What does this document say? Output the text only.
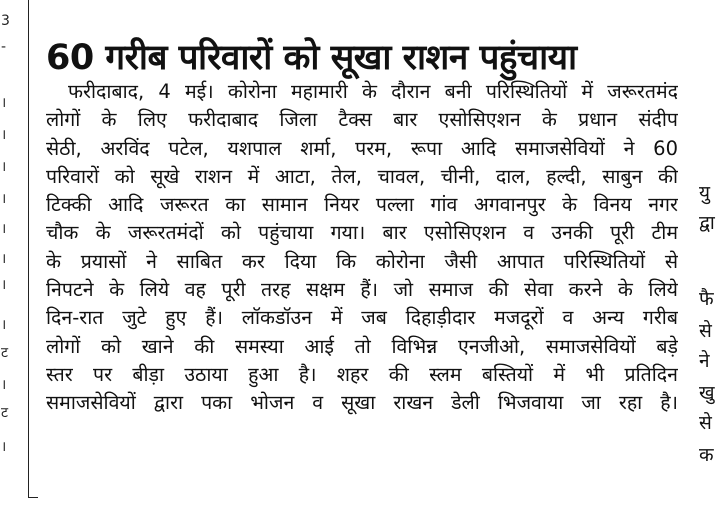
3
-
।
।
।
।
।
।
।
।
ट
।
ट
।
60 गरीब परिवारों को सूखा राशन पहुंचाया
फरीदाबाद, 4 मई। कोरोना महामारी के दौरान बनी परिस्थितियों में जरूरतमंद
लोगों के लिए फरीदाबाद जिला टैक्स बार एसोसिएशन के प्रधान संदीप
सेठी, अरविंद पटेल, यशपाल शर्मा, परम, रूपा आदि समाजसेवियों ने 60
परिवारों को सूखे राशन में आटा, तेल, चावल, चीनी, दाल, हल्दी, साबुन की
टिक्की आदि जरूरत का सामान नियर पल्ला गांव अगवानपुर के विनय नगर
चौक के जरूरतमंदों को पहुंचाया गया। बार एसोसिएशन व उनकी पूरी टीम
के प्रयासों ने साबित कर दिया कि कोरोना जैसी आपात परिस्थितियों से
निपटने के लिये वह पूरी तरह सक्षम हैं। जो समाज की सेवा करने के लिये
दिन-रात जुटे हुए हैं। लॉकडॉउन में जब दिहाड़ीदार मजदूरों व अन्य गरीब
लोगों को खाने की समस्या आई तो विभिन्न एनजीओ, समाजसेवियों बड़े
स्तर पर बीड़ा उठाया हुआ है। शहर की स्लम बस्तियों में भी प्रतिदिन
समाजसेवियों द्वारा पका भोजन व सूखा राखन डेली भिजवाया जा रहा है।
यु
द्वा
फै
से
ने
खु
से
क
